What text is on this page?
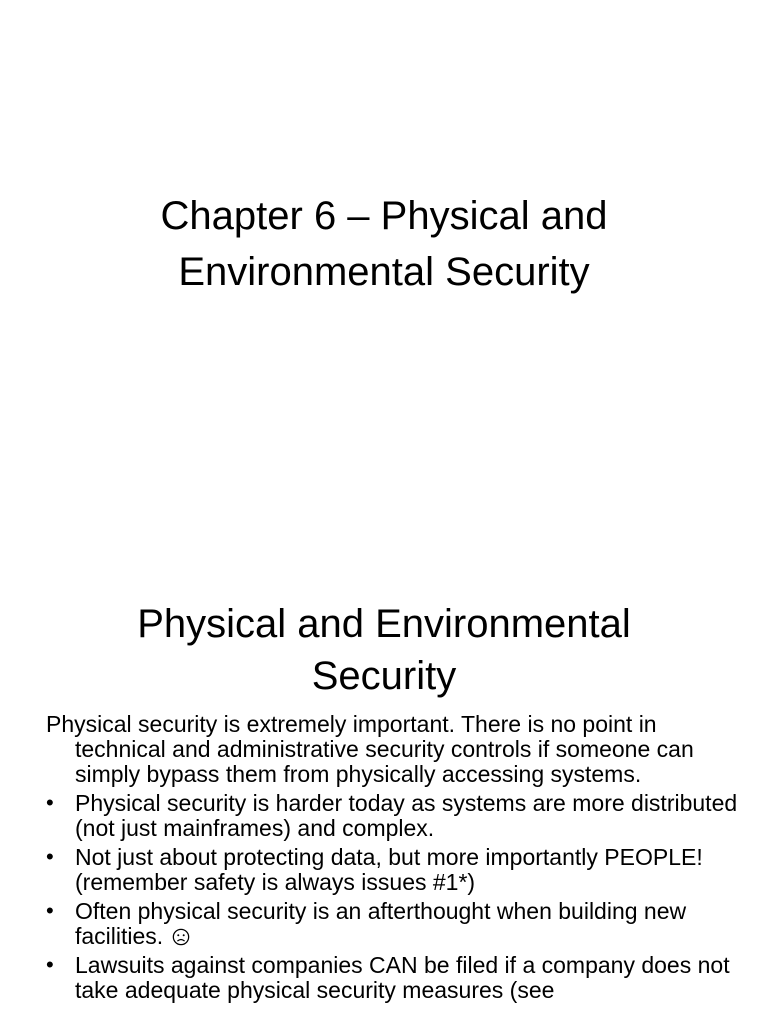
Chapter 6 – Physical and
Environmental Security
Physical and Environmental
Security

Physical security is extremely important. There is no point in technical and administrative security controls if someone can simply bypass them from physically accessing systems.

• Physical security is harder today as systems are more distributed (not just mainframes) and complex.
• Not just about protecting data, but more importantly PEOPLE! (remember safety is always issues #1*)
• Often physical security is an afterthought when building new facilities.
• Lawsuits against companies CAN be filed if a company does not take adequate physical security measures (see
